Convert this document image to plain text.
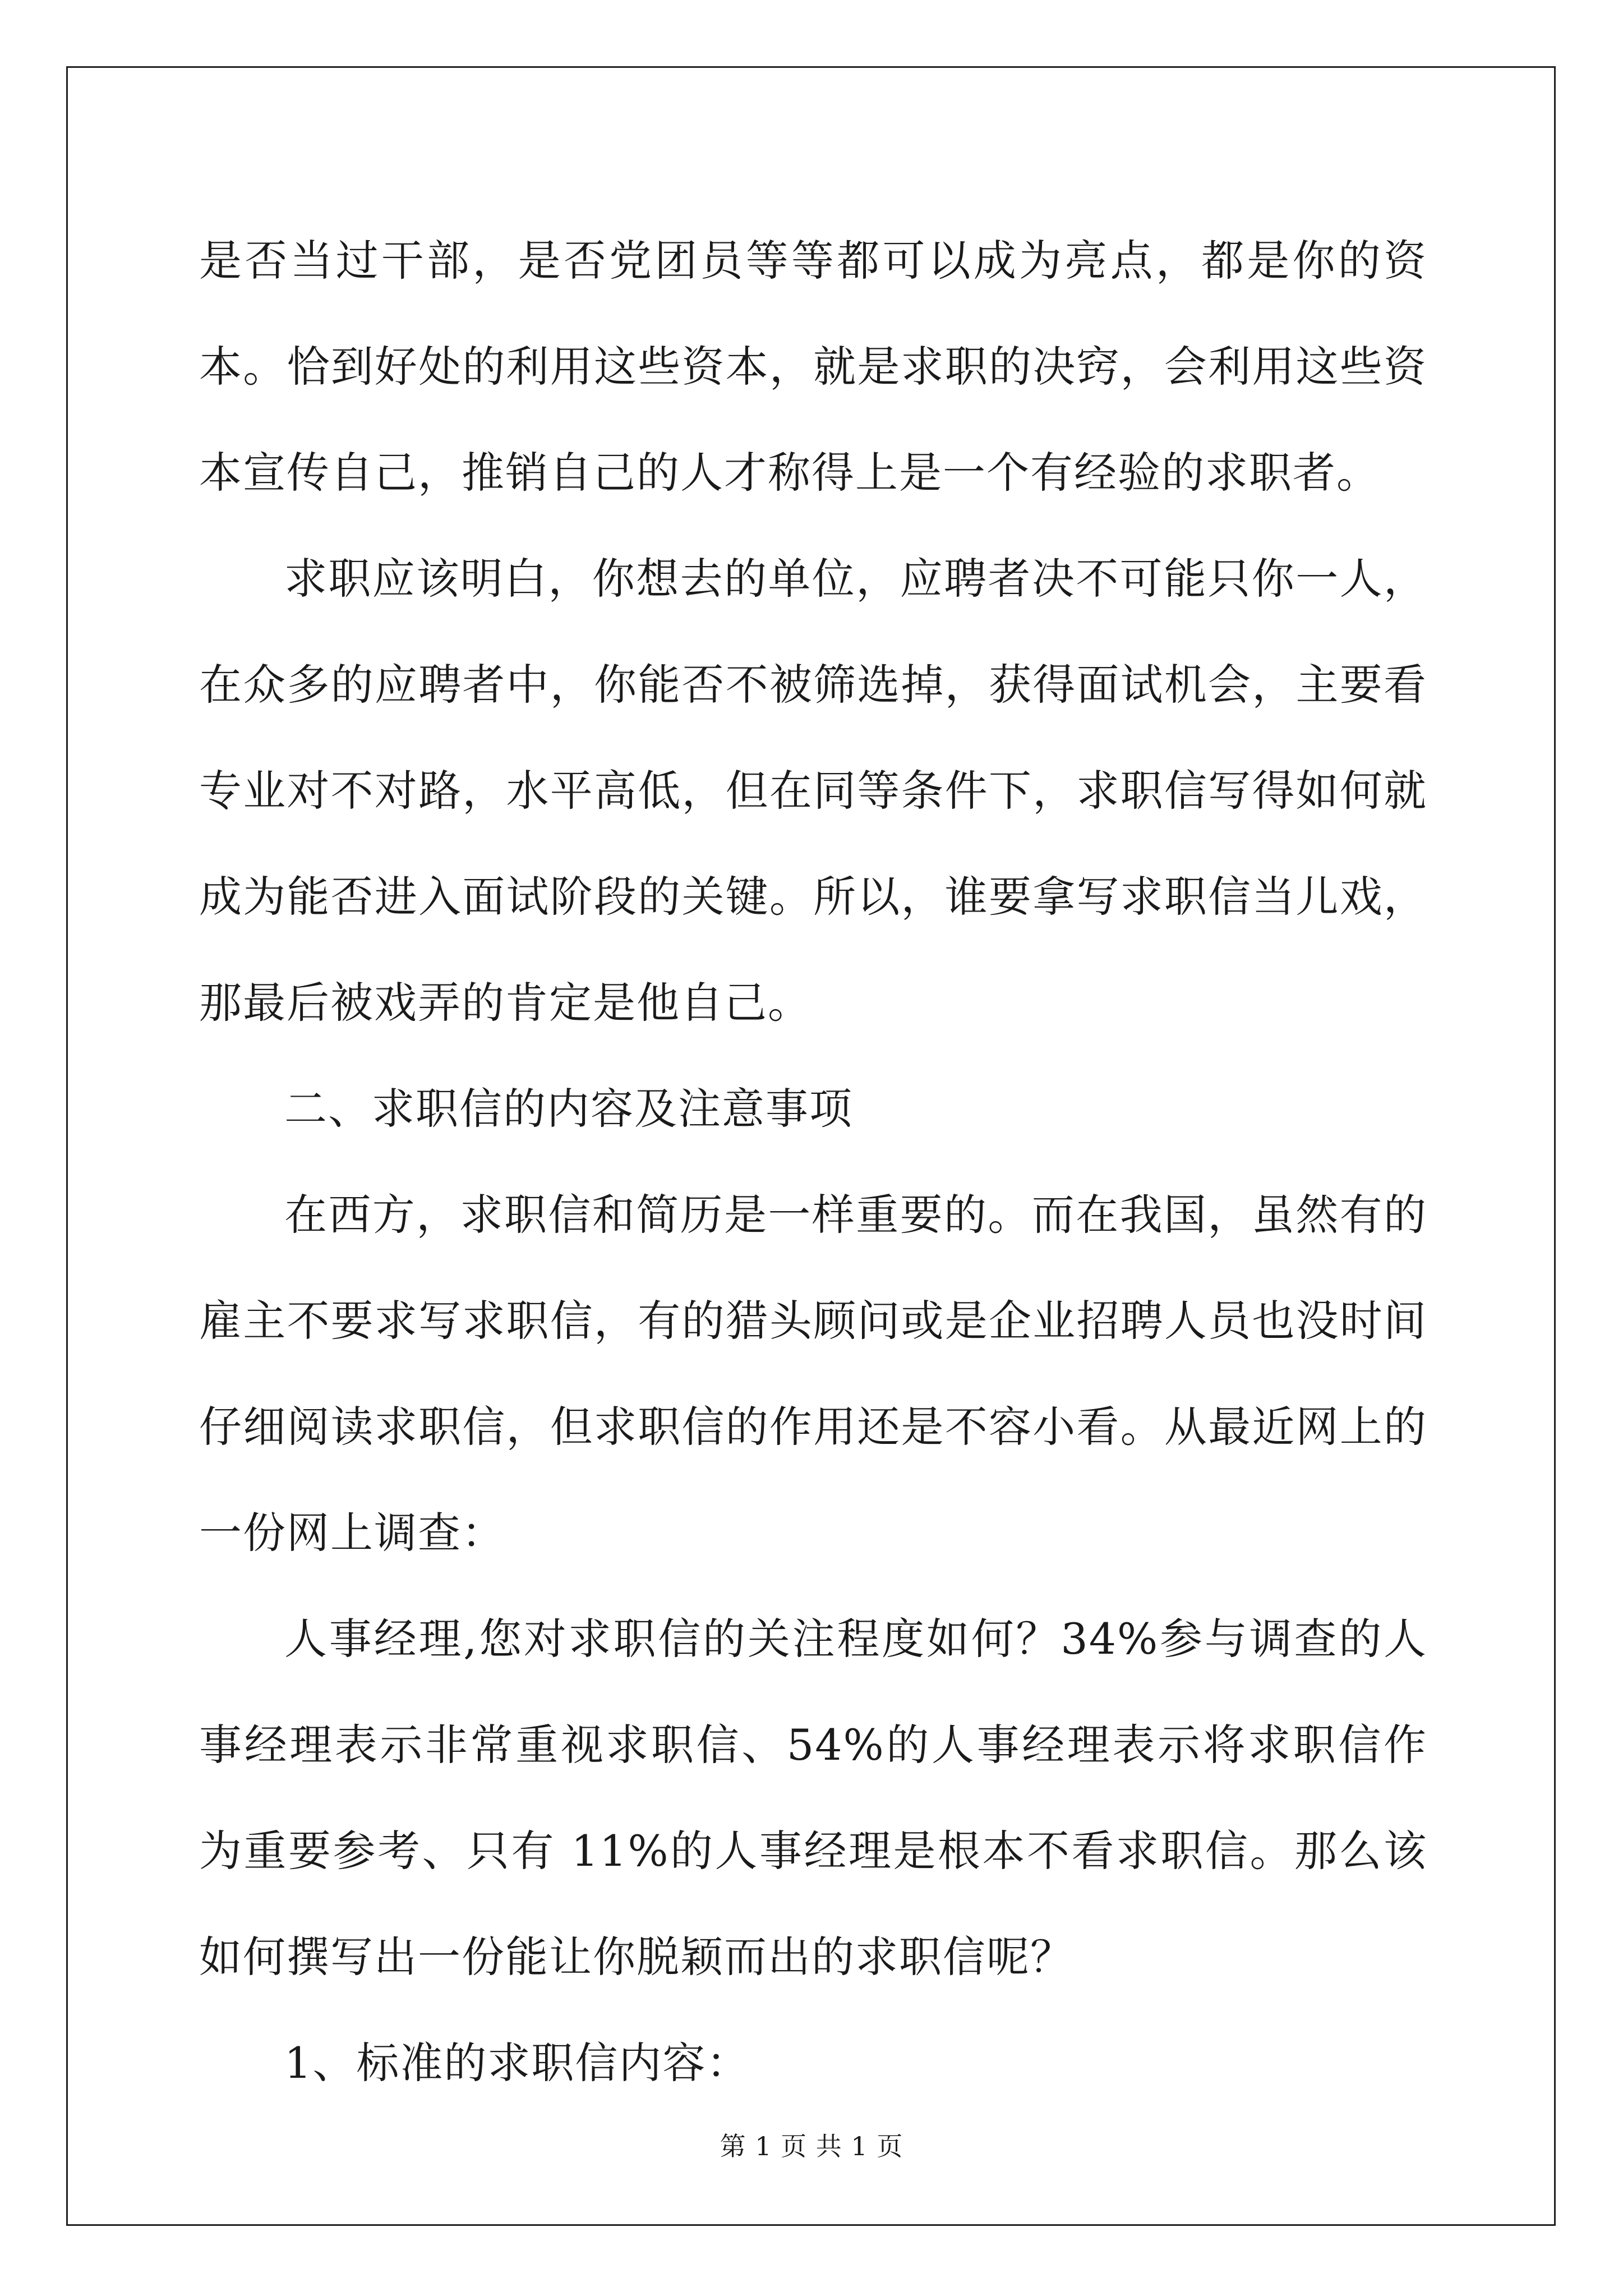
是否当过干部，是否党团员等等都可以成为亮点，都是你的资本。恰到好处的利用这些资本，就是求职的决窍，会利用这些资本宣传自己，推销自己的人才称得上是一个有经验的求职者。

求职应该明白，你想去的单位，应聘者决不可能只你一人，在众多的应聘者中，你能否不被筛选掉，获得面试机会，主要看专业对不对路，水平高低，但在同等条件下，求职信写得如何就成为能否进入面试阶段的关键。所以，谁要拿写求职信当儿戏，那最后被戏弄的肯定是他自己。

二、求职信的内容及注意事项

在西方，求职信和简历是一样重要的。而在我国，虽然有的雇主不要求写求职信，有的猎头顾问或是企业招聘人员也没时间仔细阅读求职信，但求职信的作用还是不容小看。从最近网上的一份网上调查：

人事经理,您对求职信的关注程度如何？34%参与调查的人事经理表示非常重视求职信、54%的人事经理表示将求职信作为重要参考、只有 11%的人事经理是根本不看求职信。那么该如何撰写出一份能让你脱颖而出的求职信呢？

1、标准的求职信内容：

第 1 页 共 1 页
